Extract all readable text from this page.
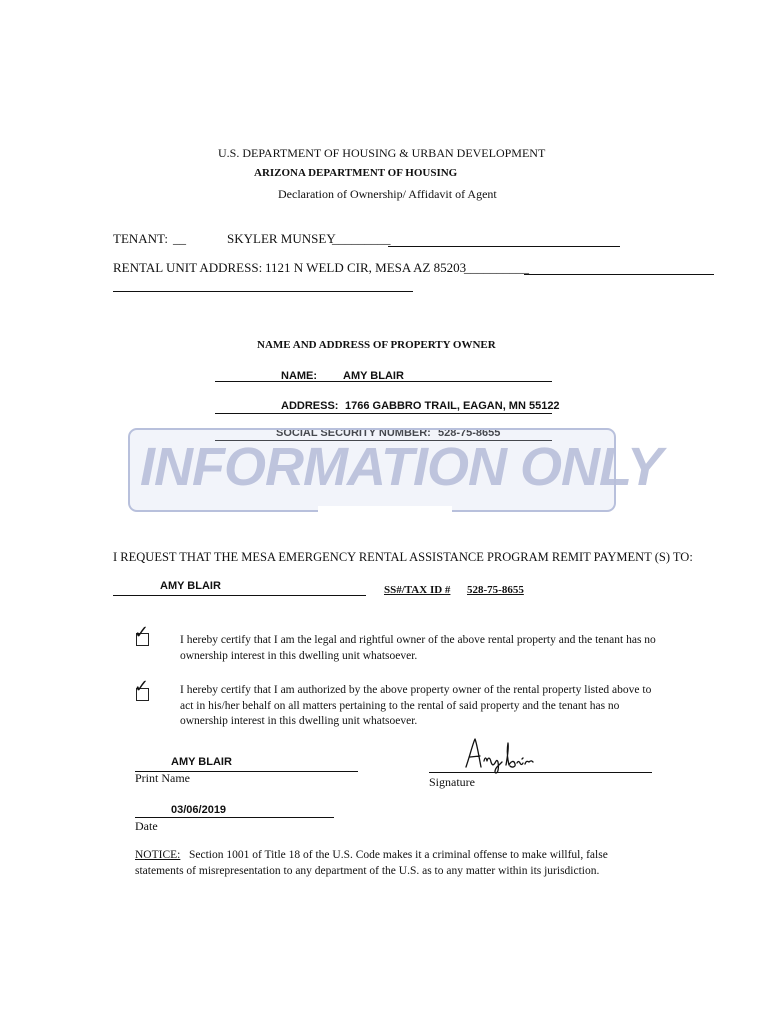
U.S. DEPARTMENT OF HOUSING & URBAN DEVELOPMENT
ARIZONA DEPARTMENT OF HOUSING
Declaration of Ownership/ Affidavit of Agent
TENANT: __	SKYLER MUNSEY
_________
RENTAL UNIT ADDRESS: 1121 N WELD CIR, MESA AZ 85203
__________
NAME AND ADDRESS OF PROPERTY OWNER
NAME: AMY BLAIR
ADDRESS: 1766 GABBRO TRAIL, EAGAN, MN 55122
SOCIAL SECURITY NUMBER: 528-75-8655
INFORMATION ONLY
I REQUEST THAT THE MESA EMERGENCY RENTAL ASSISTANCE PROGRAM REMIT PAYMENT (S) TO:
AMY BLAIR	SS#/TAX ID # 528-75-8655
✓	I hereby certify that I am the legal and rightful owner of the above rental property and the tenant has no ownership interest in this dwelling unit whatsoever.
✓	I hereby certify that I am authorized by the above property owner of the rental property listed above to act in his/her behalf on all matters pertaining to the rental of said property and the tenant has no ownership interest in this dwelling unit whatsoever.
AMY BLAIR
Print Name	Signature
03/06/2019
Date
NOTICE: Section 1001 of Title 18 of the U.S. Code makes it a criminal offense to make willful, false statements of misrepresentation to any department of the U.S. as to any matter within its jurisdiction.
